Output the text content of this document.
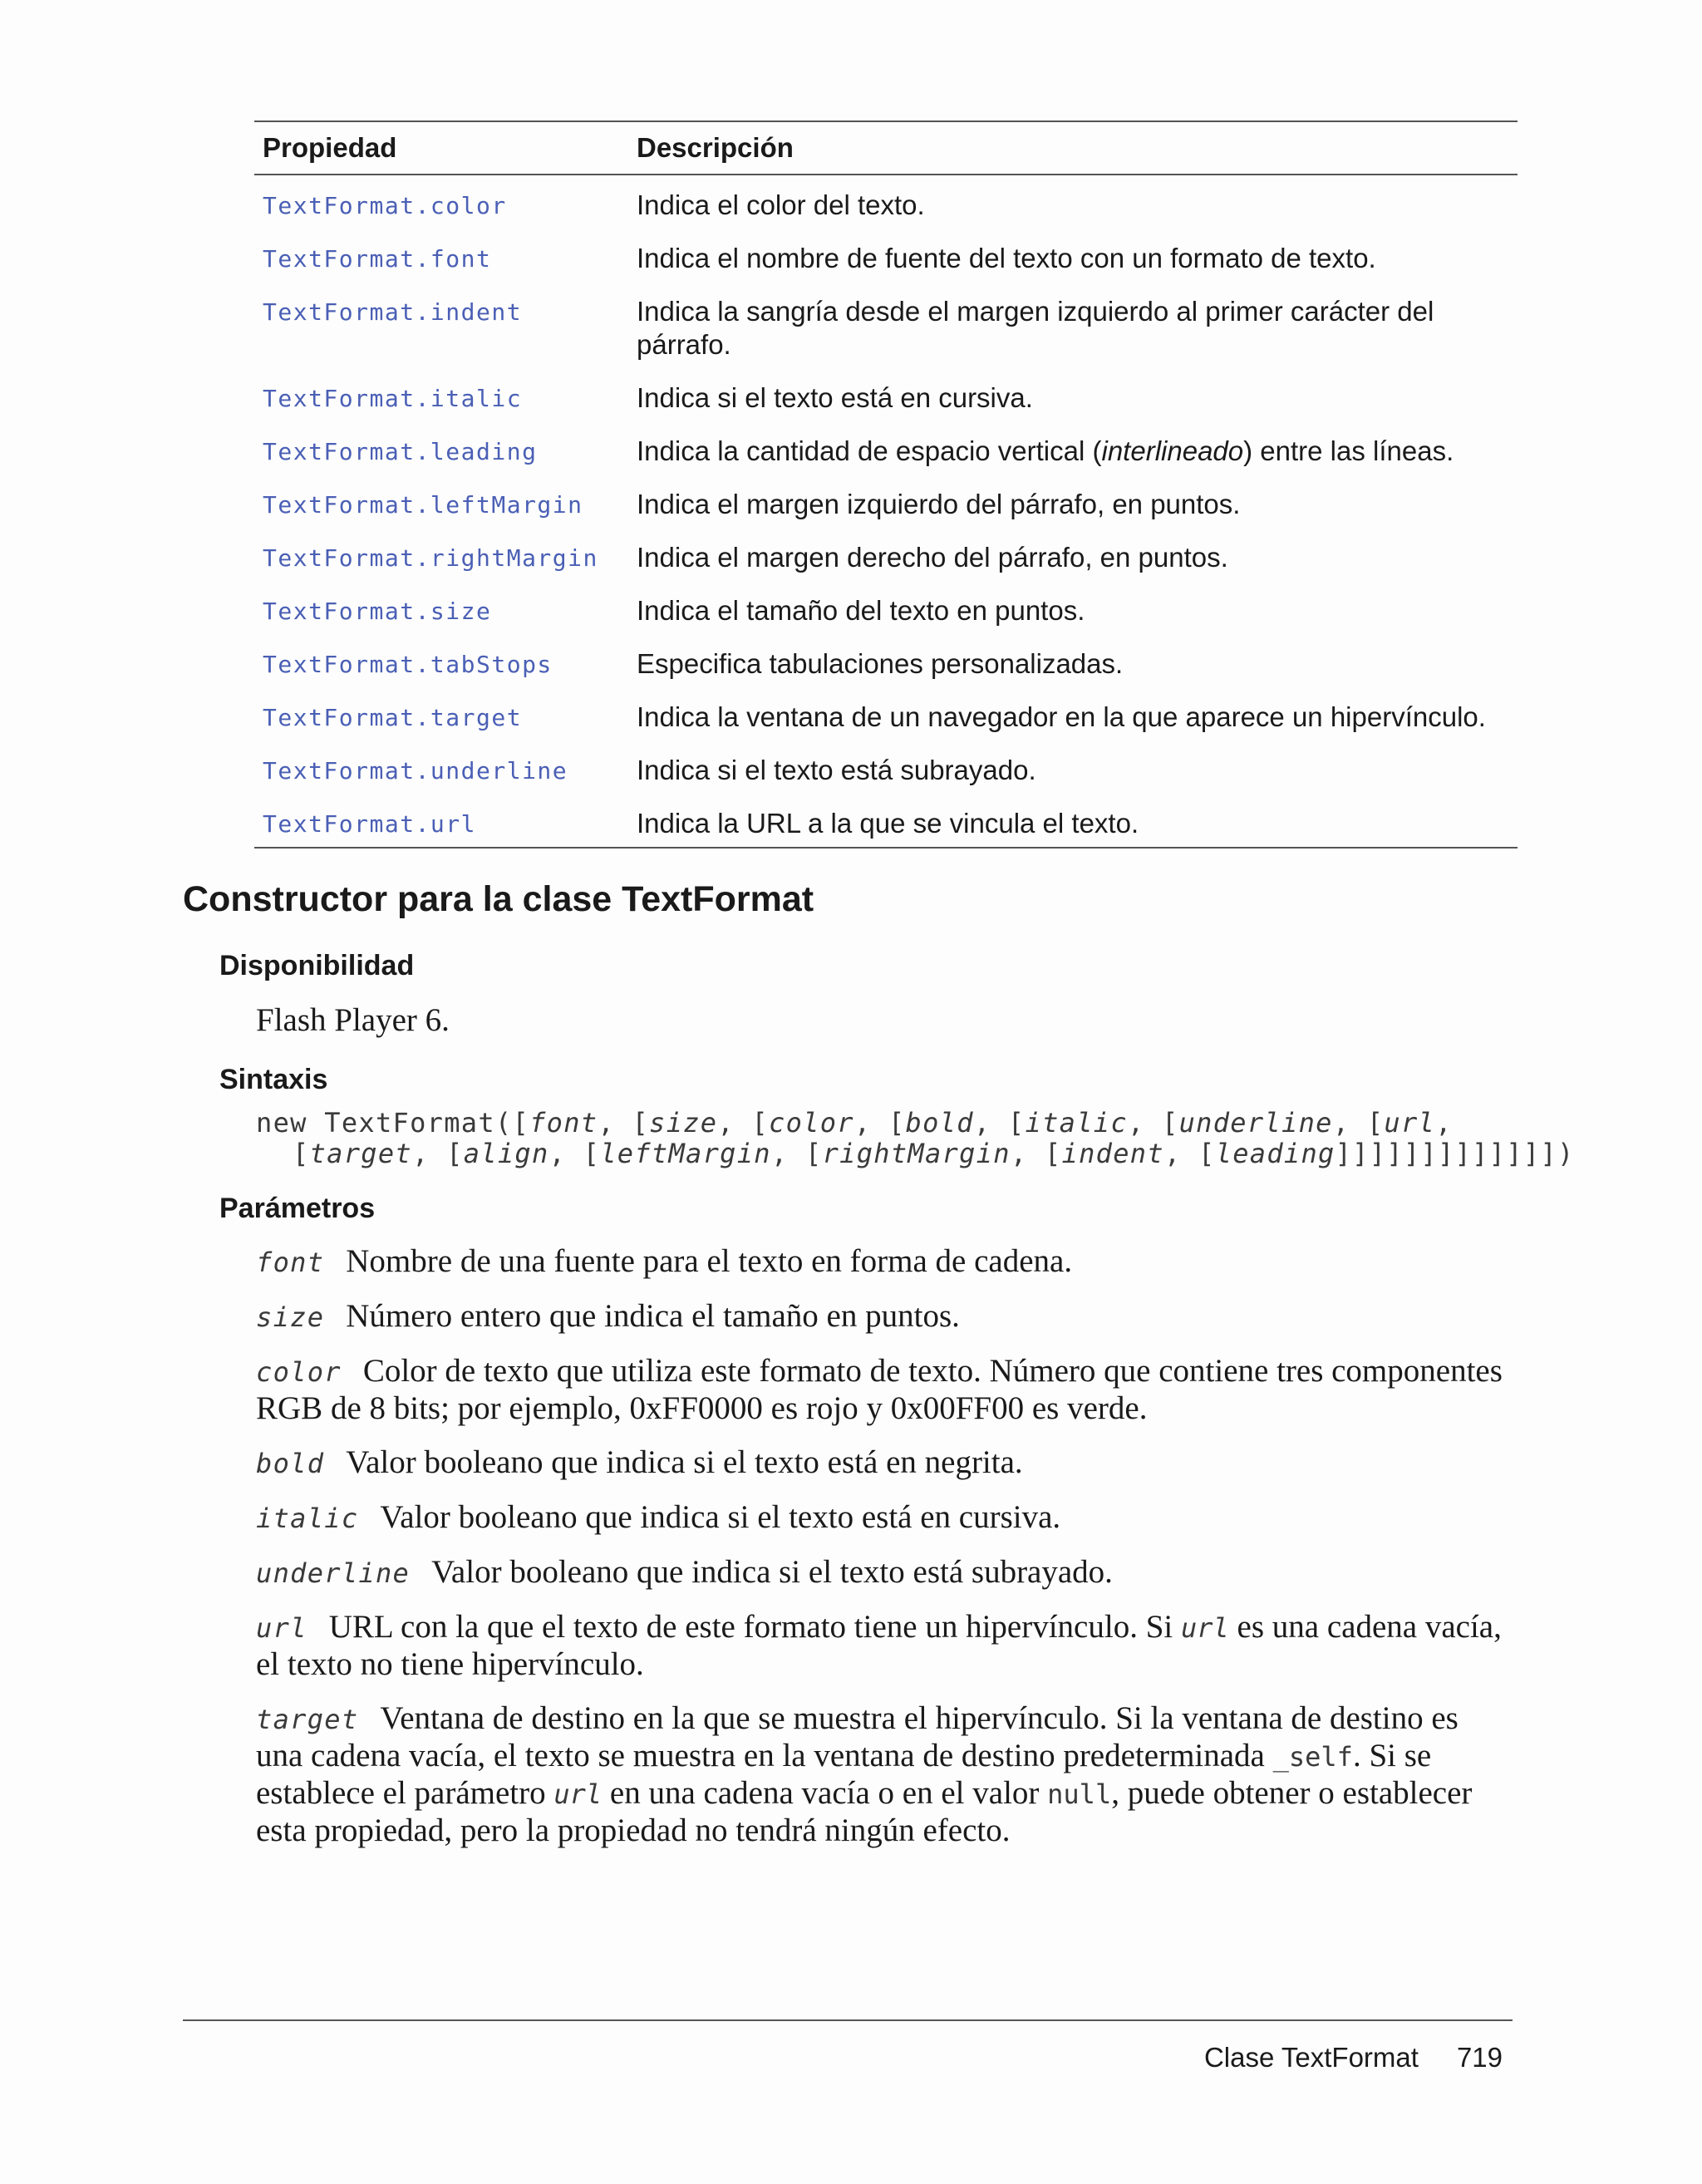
Propiedad	Descripción
TextFormat.color	Indica el color del texto.
TextFormat.font	Indica el nombre de fuente del texto con un formato de texto.
TextFormat.indent	Indica la sangría desde el margen izquierdo al primer carácter del párrafo.
TextFormat.italic	Indica si el texto está en cursiva.
TextFormat.leading	Indica la cantidad de espacio vertical (interlineado) entre las líneas.
TextFormat.leftMargin	Indica el margen izquierdo del párrafo, en puntos.
TextFormat.rightMargin	Indica el margen derecho del párrafo, en puntos.
TextFormat.size	Indica el tamaño del texto en puntos.
TextFormat.tabStops	Especifica tabulaciones personalizadas.
TextFormat.target	Indica la ventana de un navegador en la que aparece un hipervínculo.
TextFormat.underline	Indica si el texto está subrayado.
TextFormat.url	Indica la URL a la que se vincula el texto.
Constructor para la clase TextFormat
Disponibilidad
Flash Player 6.
Sintaxis
new TextFormat([font, [size, [color, [bold, [italic, [underline, [url,
[target, [align, [leftMargin, [rightMargin, [indent, [leading]]]]]]]]]]]]])
Parámetros
font Nombre de una fuente para el texto en forma de cadena.
size Número entero que indica el tamaño en puntos.
color Color de texto que utiliza este formato de texto. Número que contiene tres componentes RGB de 8 bits; por ejemplo, 0xFF0000 es rojo y 0x00FF00 es verde.
bold Valor booleano que indica si el texto está en negrita.
italic Valor booleano que indica si el texto está en cursiva.
underline Valor booleano que indica si el texto está subrayado.
url URL con la que el texto de este formato tiene un hipervínculo. Si url es una cadena vacía, el texto no tiene hipervínculo.
target Ventana de destino en la que se muestra el hipervínculo. Si la ventana de destino es una cadena vacía, el texto se muestra en la ventana de destino predeterminada _self. Si se establece el parámetro url en una cadena vacía o en el valor null, puede obtener o establecer esta propiedad, pero la propiedad no tendrá ningún efecto.
Clase TextFormat 719
